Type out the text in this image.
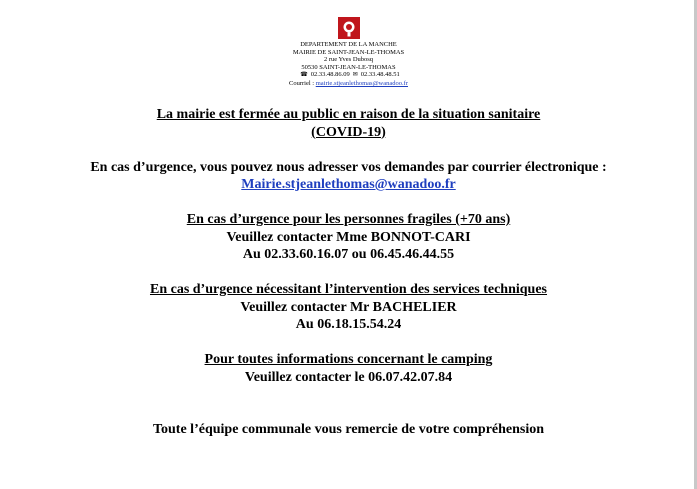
DEPARTEMENT DE LA MANCHE
MAIRIE DE SAINT-JEAN-LE-THOMAS
2 rue Yves Dubosq
50530 SAINT-JEAN-LE-THOMAS
☎ 02.33.48.86.09 ✉ 02.33.48.48.51
Courriel : mairie.stjeanlethomas@wanadoo.fr
La mairie est fermée au public en raison de la situation sanitaire
(COVID-19)
En cas d’urgence, vous pouvez nous adresser vos demandes par courrier électronique :
Mairie.stjeanlethomas@wanadoo.fr
En cas d’urgence pour les personnes fragiles (+70 ans)
Veuillez contacter Mme BONNOT-CARI
Au 02.33.60.16.07 ou 06.45.46.44.55
En cas d’urgence nécessitant l’intervention des services techniques
Veuillez contacter Mr BACHELIER
Au 06.18.15.54.24
Pour toutes informations concernant le camping
Veuillez contacter le 06.07.42.07.84
Toute l’équipe communale vous remercie de votre compréhension
